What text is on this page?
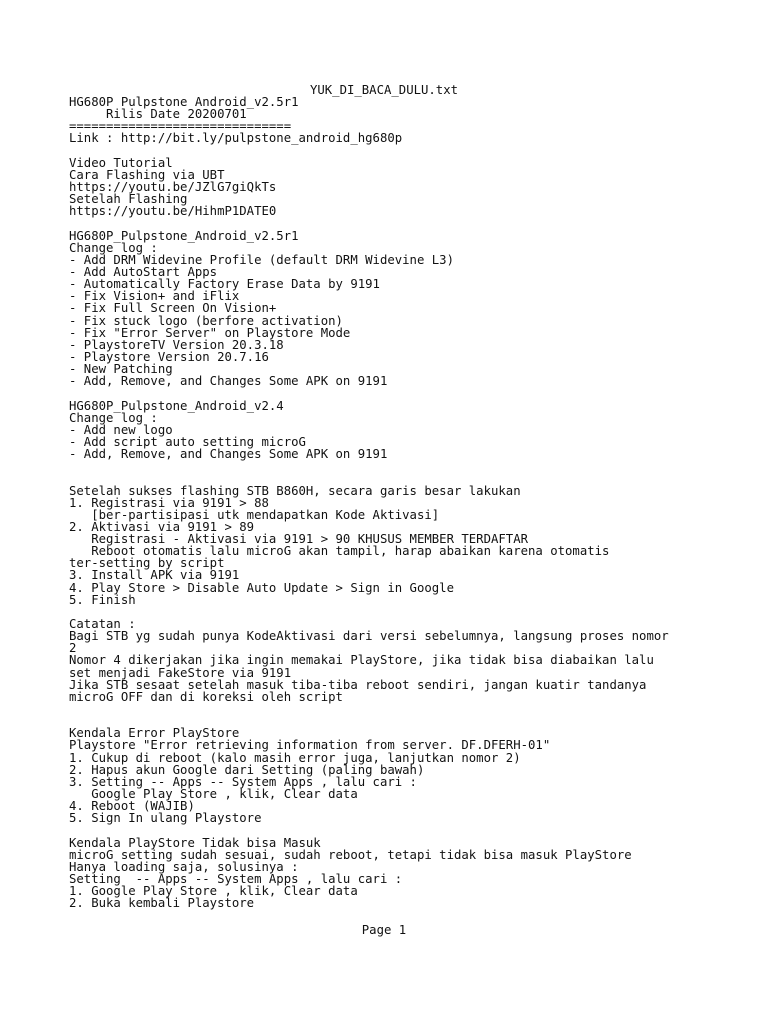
YUK_DI_BACA_DULU.txt
HG680P Pulpstone Android_v2.5r1
Rilis Date 20200701
==============================
Link : http://bit.ly/pulpstone_android_hg680p
Video Tutorial
Cara Flashing via UBT
https://youtu.be/JZlG7giQkTs
Setelah Flashing
https://youtu.be/HihmP1DATE0
HG680P_Pulpstone_Android_v2.5r1
Change log :
- Add DRM Widevine Profile (default DRM Widevine L3)
- Add AutoStart Apps
- Automatically Factory Erase Data by 9191
- Fix Vision+ and iFlix
- Fix Full Screen On Vision+
- Fix stuck logo (berfore activation)
- Fix "Error Server" on Playstore Mode
- PlaystoreTV Version 20.3.18
- Playstore Version 20.7.16
- New Patching
- Add, Remove, and Changes Some APK on 9191
HG680P_Pulpstone_Android_v2.4
Change log :
- Add new logo
- Add script auto setting microG
- Add, Remove, and Changes Some APK on 9191
Setelah sukses flashing STB B860H, secara garis besar lakukan
1. Registrasi via 9191 > 88
[ber-partisipasi utk mendapatkan Kode Aktivasi]
2. Aktivasi via 9191 > 89
Registrasi - Aktivasi via 9191 > 90 KHUSUS MEMBER TERDAFTAR
Reboot otomatis lalu microG akan tampil, harap abaikan karena otomatis
ter-setting by script
3. Install APK via 9191
4. Play Store > Disable Auto Update > Sign in Google
5. Finish
Catatan :
Bagi STB yg sudah punya KodeAktivasi dari versi sebelumnya, langsung proses nomor
2
Nomor 4 dikerjakan jika ingin memakai PlayStore, jika tidak bisa diabaikan lalu
set menjadi FakeStore via 9191
Jika STB sesaat setelah masuk tiba-tiba reboot sendiri, jangan kuatir tandanya
microG OFF dan di koreksi oleh script
Kendala Error PlayStore
Playstore "Error retrieving information from server. DF.DFERH-01"
1. Cukup di reboot (kalo masih error juga, lanjutkan nomor 2)
2. Hapus akun Google dari Setting (paling bawah)
3. Setting -- Apps -- System Apps , lalu cari :
Google Play Store , klik, Clear data
4. Reboot (WAJIB)
5. Sign In ulang Playstore
Kendala PlayStore Tidak bisa Masuk
microG setting sudah sesuai, sudah reboot, tetapi tidak bisa masuk PlayStore
Hanya loading saja, solusinya :
Setting  -- Apps -- System Apps , lalu cari :
1. Google Play Store , klik, Clear data
2. Buka kembali Playstore
Page 1
